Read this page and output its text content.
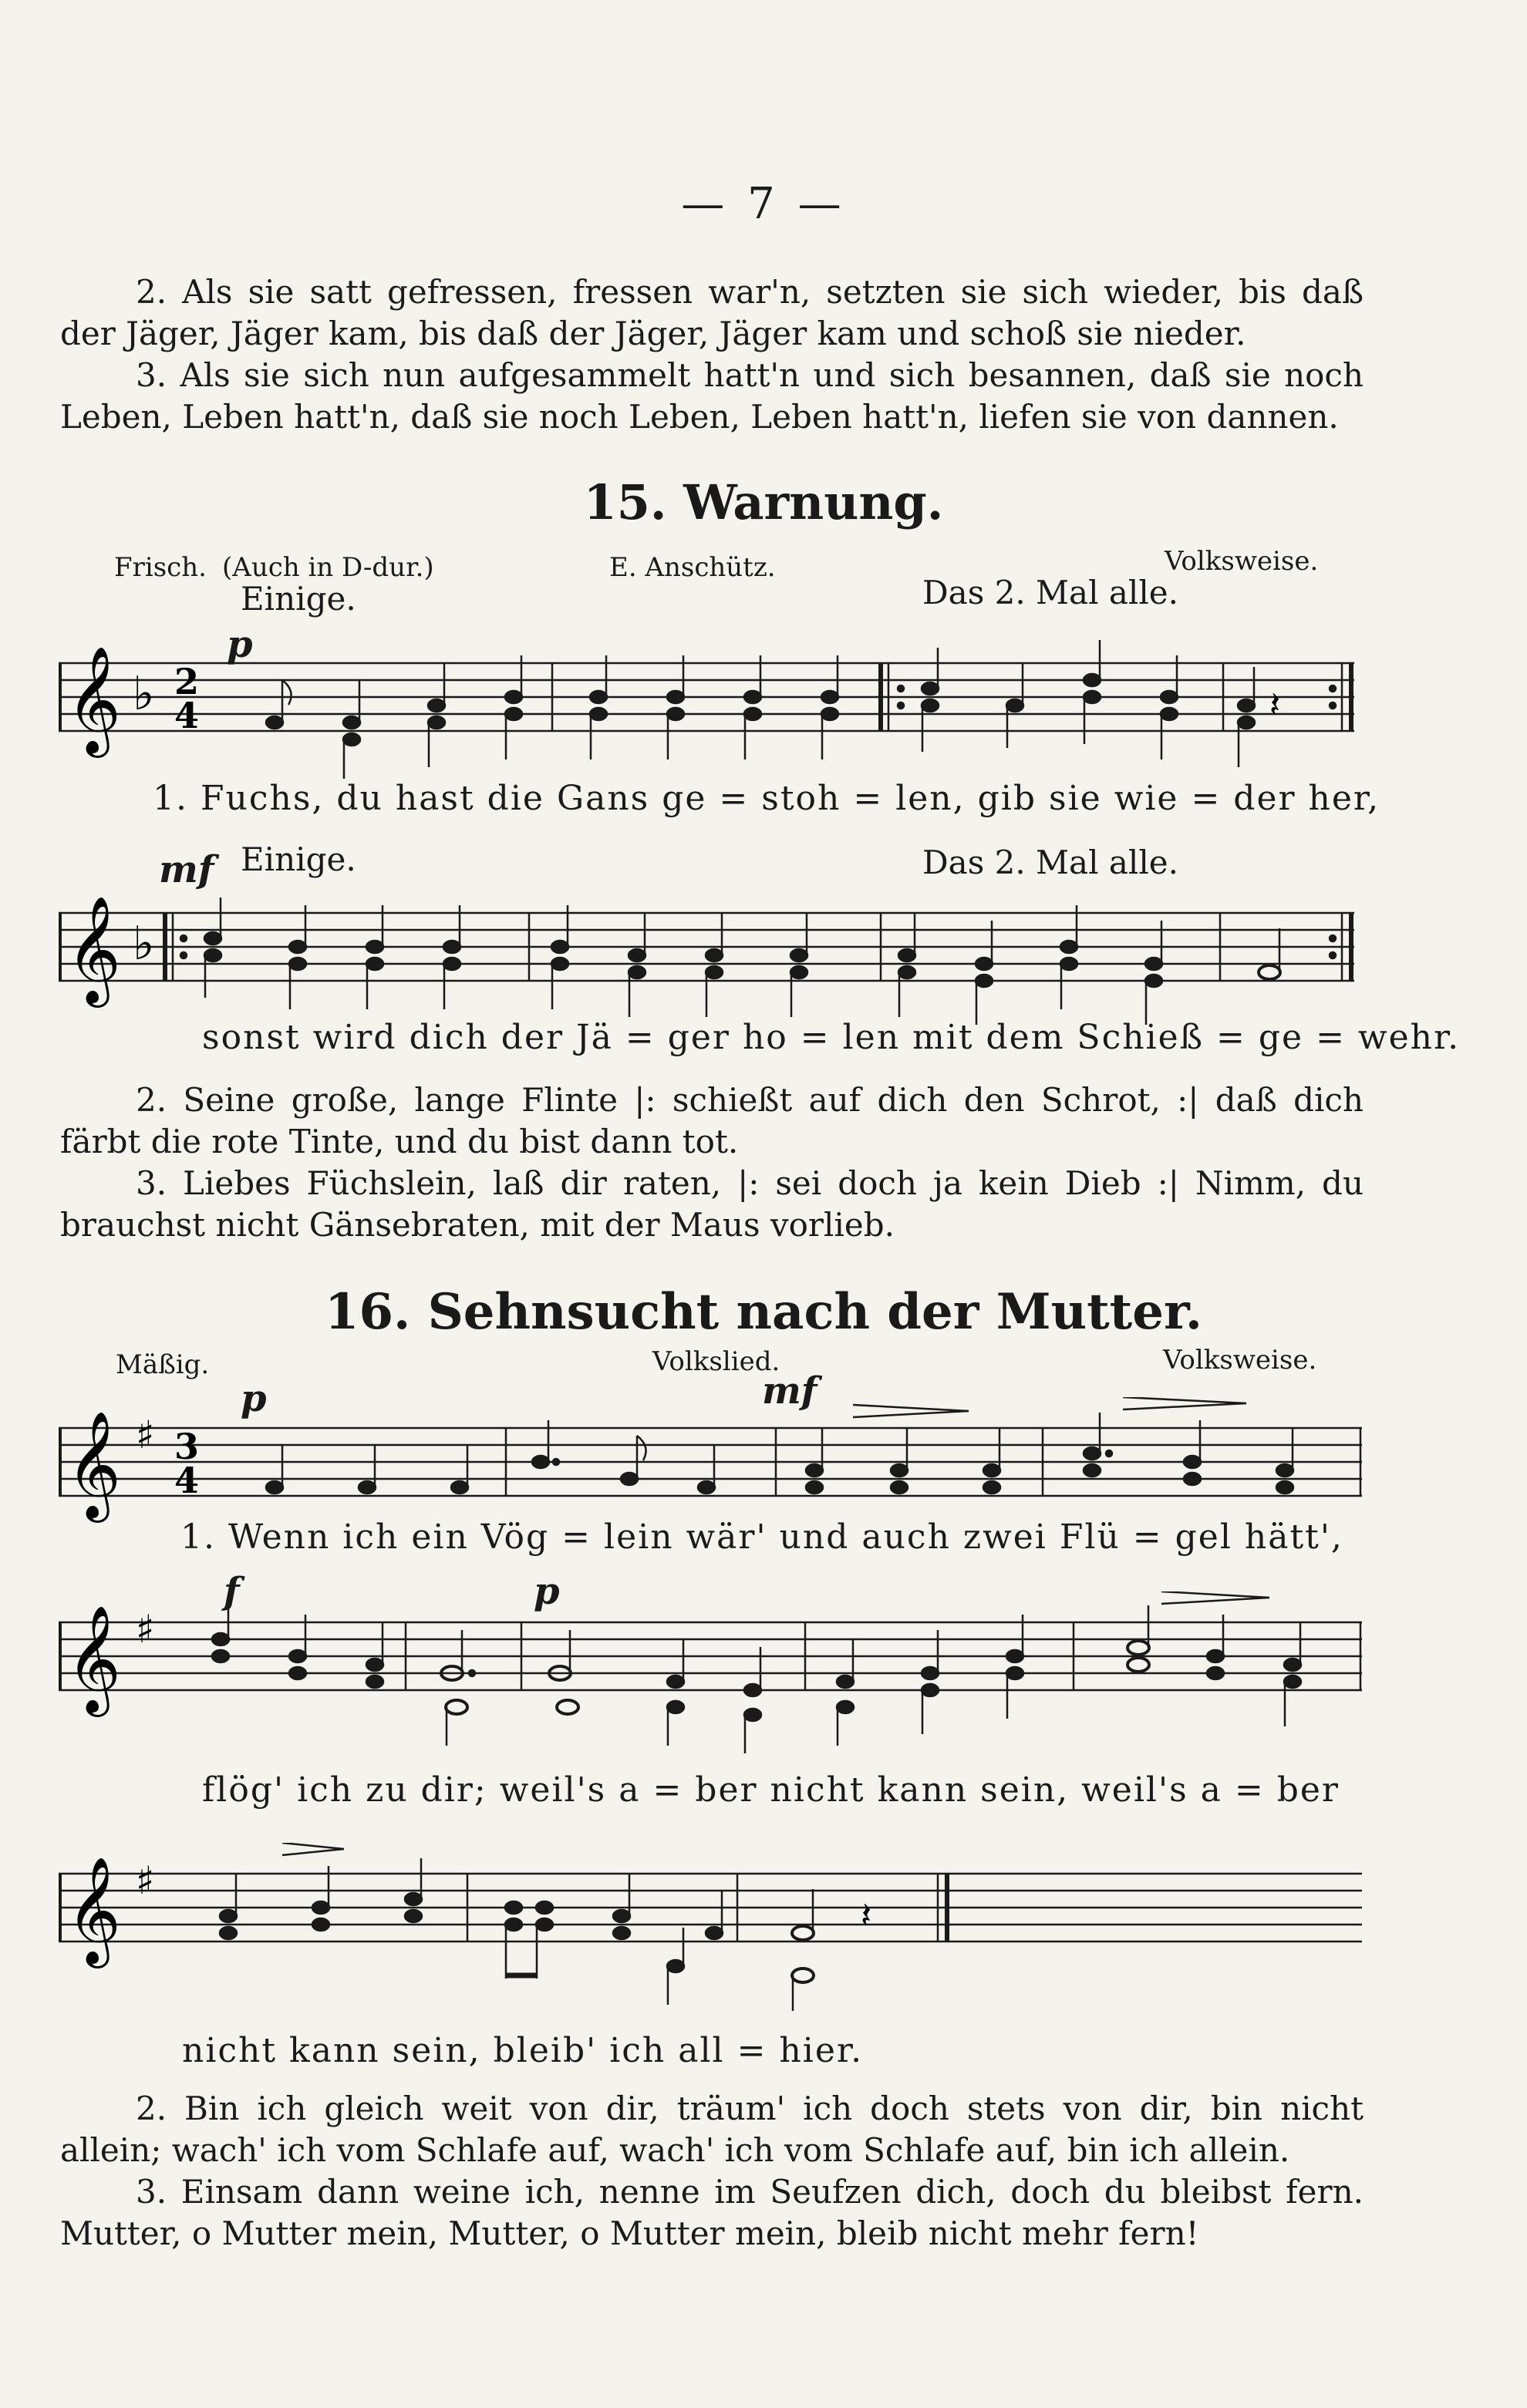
— 7 —

2. Als sie satt gefressen, fressen war'n, setzten sie sich wieder, bis daß der Jäger, Jäger kam, bis daß der Jäger, Jäger kam und schoß sie nieder.

3. Als sie sich nun aufgesammelt hatt'n und sich besannen, daß sie noch Leben, Leben hatt'n, daß sie noch Leben, Leben hatt'n, liefen sie von dannen.

15. Warnung.
Frisch. (Auch in D-dur.)	E. Anschütz.	Volksweise.
Einige.	Das 2. Mal alle.
p
𝄞 ♭ 2
4	𝄽
1. Fuchs, du hast die Gans ge = stoh = len, gib sie wie = der her,
Einige.	Das 2. Mal alle.
mf
𝄞 ♭
sonst wird dich der Jä = ger ho = len mit dem Schieß = ge = wehr.

2. Seine große, lange Flinte |: schießt auf dich den Schrot, :| daß dich färbt die rote Tinte, und du bist dann tot.

3. Liebes Füchslein, laß dir raten, |: sei doch ja kein Dieb :| Nimm, du brauchst nicht Gänsebraten, mit der Maus vorlieb.

16. Sehnsucht nach der Mutter.
Mäßig.	Volkslied.	Volksweise.
p	mf
𝄞 ♯ 3
4
1. Wenn ich ein Vög = lein wär' und auch zwei Flü = gel hätt',
f	p
𝄞 ♯
flög' ich zu dir; weil's a = ber nicht kann sein, weil's a = ber
𝄞 ♯
𝄽
nicht kann sein, bleib' ich all = hier.

2. Bin ich gleich weit von dir, träum' ich doch stets von dir, bin nicht allein; wach' ich vom Schlafe auf, wach' ich vom Schlafe auf, bin ich allein.

3. Einsam dann weine ich, nenne im Seufzen dich, doch du bleibst fern. Mutter, o Mutter mein, Mutter, o Mutter mein, bleib nicht mehr fern!
